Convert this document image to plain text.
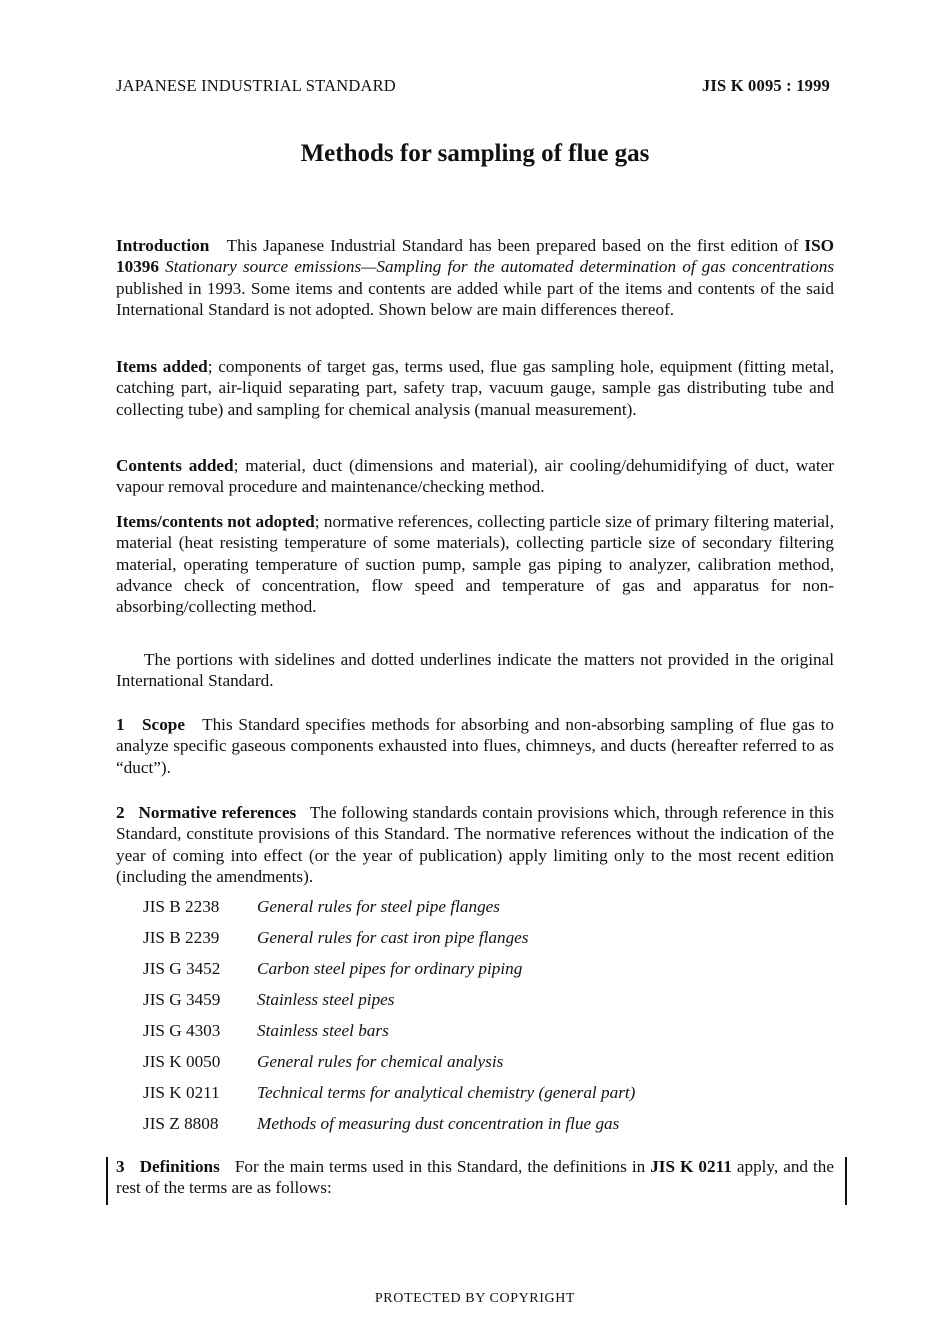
JAPANESE INDUSTRIAL STANDARD	JIS K 0095 : 1999
Methods for sampling of flue gas

Introduction This Japanese Industrial Standard has been prepared based on the first edition of ISO 10396 Stationary source emissions—Sampling for the automated determination of gas concentrations published in 1993. Some items and contents are added while part of the items and contents of the said International Standard is not adopted. Shown below are main differences thereof.

Items added; components of target gas, terms used, flue gas sampling hole, equipment (fitting metal, catching part, air-liquid separating part, safety trap, vacuum gauge, sample gas distributing tube and collecting tube) and sampling for chemical analysis (manual measurement).

Contents added; material, duct (dimensions and material), air cooling/dehumidifying of duct, water vapour removal procedure and maintenance/checking method.

Items/contents not adopted; normative references, collecting particle size of primary filtering material, material (heat resisting temperature of some materials), collecting particle size of secondary filtering material, operating temperature of suction pump, sample gas piping to analyzer, calibration method, advance check of concentration, flow speed and temperature of gas and apparatus for non-absorbing/collecting method.

The portions with sidelines and dotted underlines indicate the matters not provided in the original International Standard.

1 Scope This Standard specifies methods for absorbing and non-absorbing sampling of flue gas to analyze specific gaseous components exhausted into flues, chimneys, and ducts (hereafter referred to as “duct”).

2 Normative references The following standards contain provisions which, through reference in this Standard, constitute provisions of this Standard. The normative references without the indication of the year of coming into effect (or the year of publication) apply limiting only to the most recent edition (including the amendments).

JIS B 2238 General rules for steel pipe flanges
JIS B 2239 General rules for cast iron pipe flanges
JIS G 3452 Carbon steel pipes for ordinary piping
JIS G 3459 Stainless steel pipes
JIS G 4303 Stainless steel bars
JIS K 0050 General rules for chemical analysis
JIS K 0211 Technical terms for analytical chemistry (general part)
JIS Z 8808 Methods of measuring dust concentration in flue gas

3 Definitions For the main terms used in this Standard, the definitions in JIS K 0211 apply, and the rest of the terms are as follows:

PROTECTED BY COPYRIGHT
